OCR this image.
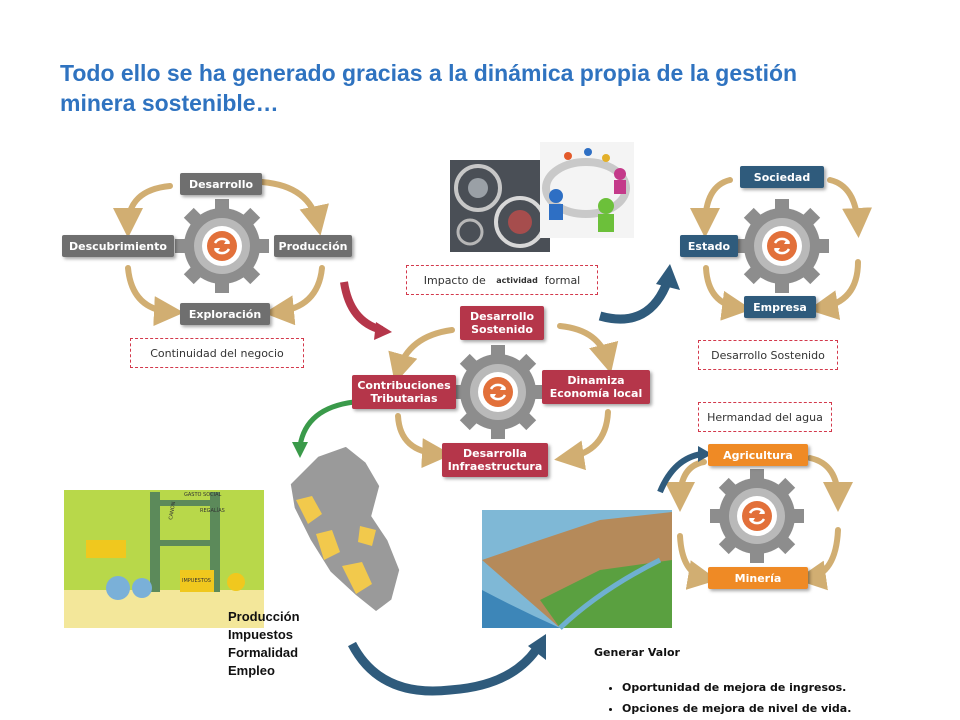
Todo ello se ha generado gracias a la dinámica propia de la gestión minera sostenible…
GASTO SOCIAL
CANON	REGALÍAS
IMPUESTOS
Desarrollo
Descubrimiento	Producción
Exploración
Continuidad del negocio
Impacto de
actividad
formal
Desarrollo Sostenido
Contribuciones Tributarias
Dinamiza Economía local
Desarrolla Infraestructura
Sociedad
Estado
Empresa
Desarrollo Sostenido
Hermandad del agua
Agricultura
Minería
Producción
Impuestos
Formalidad
Empleo
Generar Valor
• Oportunidad de mejora de ingresos.
• Opciones de mejora de nivel de vida.
